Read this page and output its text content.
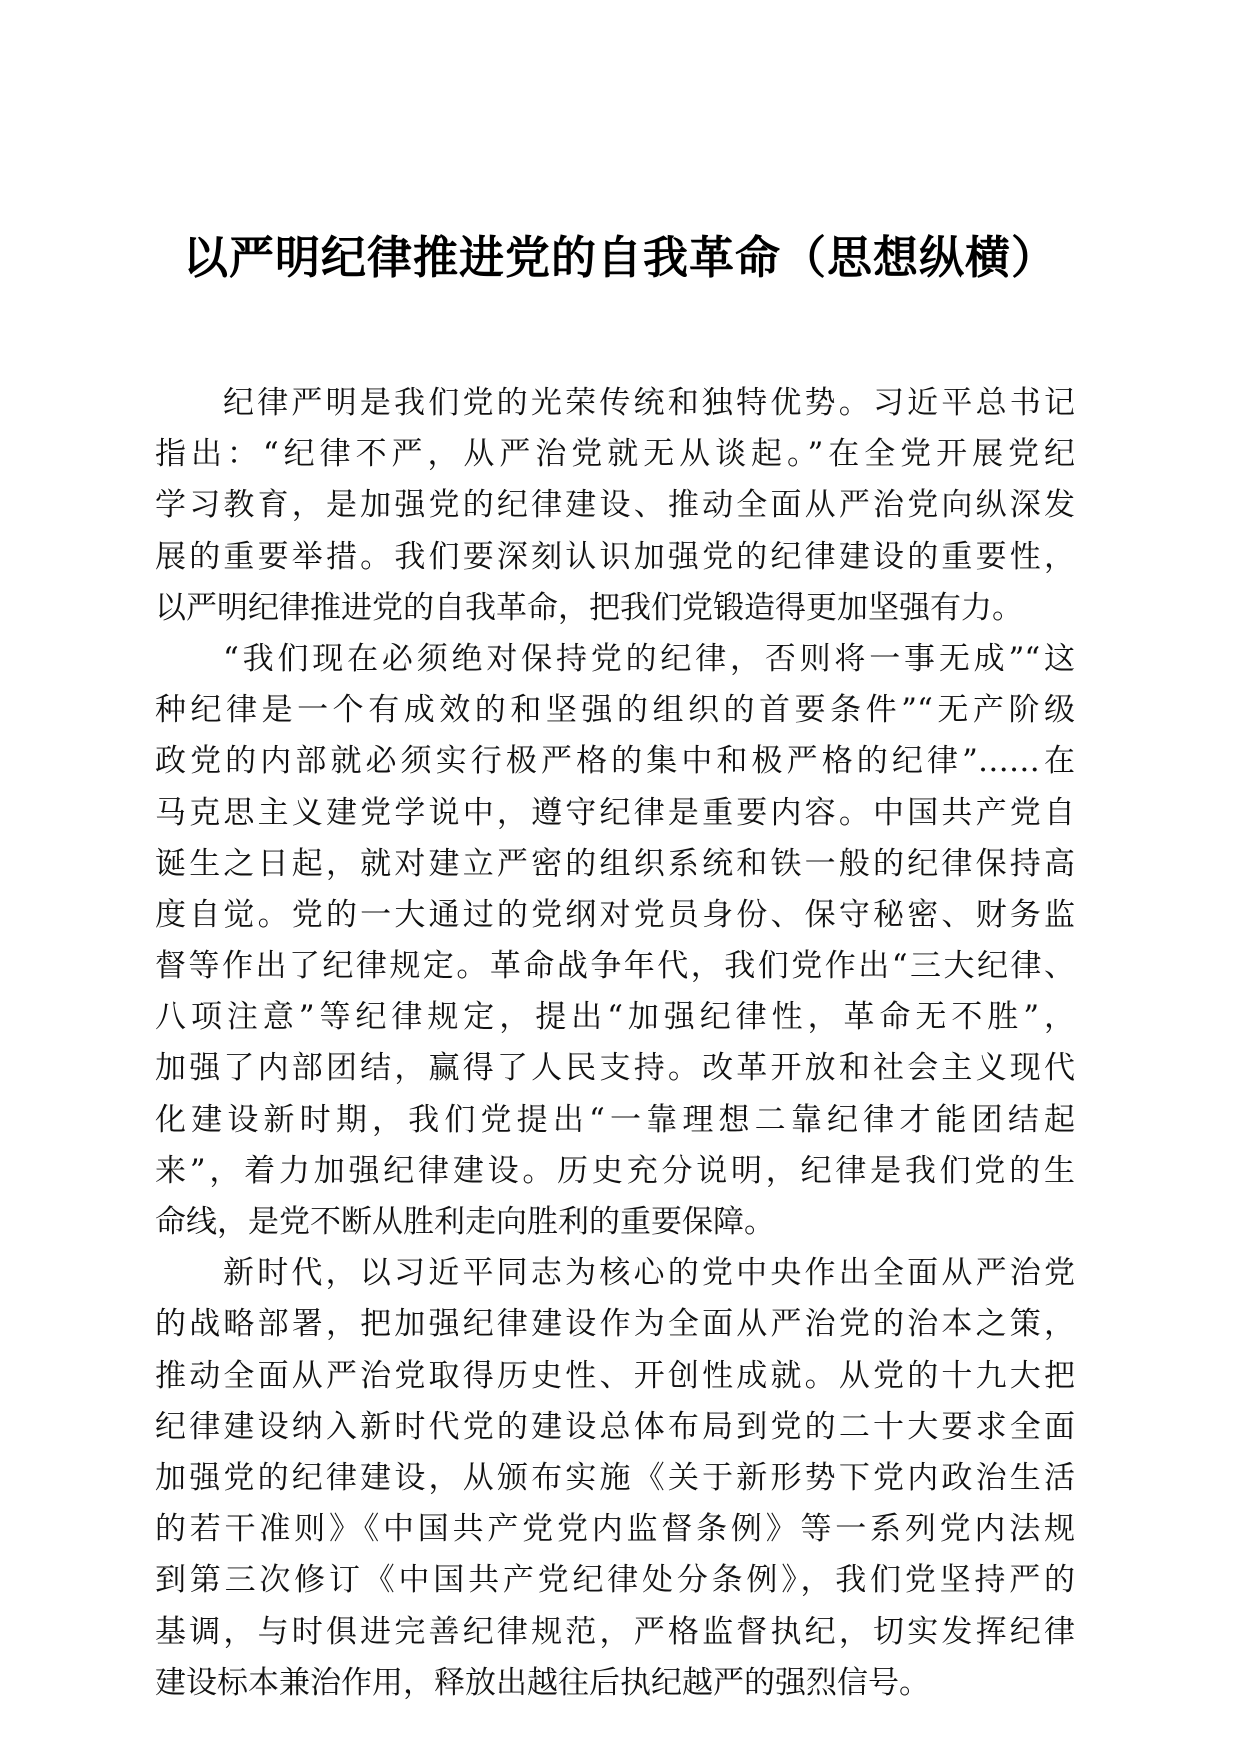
以严明纪律推进党的自我革命（思想纵横）
纪律严明是我们党的光荣传统和独特优势。习近平总书记
指出：“纪律不严，从严治党就无从谈起。”在全党开展党纪
学习教育，是加强党的纪律建设、推动全面从严治党向纵深发
展的重要举措。我们要深刻认识加强党的纪律建设的重要性，
以严明纪律推进党的自我革命，把我们党锻造得更加坚强有力。
“我们现在必须绝对保持党的纪律，否则将一事无成”“这
种纪律是一个有成效的和坚强的组织的首要条件”“无产阶级
政党的内部就必须实行极严格的集中和极严格的纪律”……在
马克思主义建党学说中，遵守纪律是重要内容。中国共产党自
诞生之日起，就对建立严密的组织系统和铁一般的纪律保持高
度自觉。党的一大通过的党纲对党员身份、保守秘密、财务监
督等作出了纪律规定。革命战争年代，我们党作出“三大纪律、
八项注意”等纪律规定，提出“加强纪律性，革命无不胜”，
加强了内部团结，赢得了人民支持。改革开放和社会主义现代
化建设新时期，我们党提出“一靠理想二靠纪律才能团结起
来”，着力加强纪律建设。历史充分说明，纪律是我们党的生
命线，是党不断从胜利走向胜利的重要保障。
新时代，以习近平同志为核心的党中央作出全面从严治党
的战略部署，把加强纪律建设作为全面从严治党的治本之策，
推动全面从严治党取得历史性、开创性成就。从党的十九大把
纪律建设纳入新时代党的建设总体布局到党的二十大要求全面
加强党的纪律建设，从颁布实施《关于新形势下党内政治生活
的若干准则》《中国共产党党内监督条例》等一系列党内法规
到第三次修订《中国共产党纪律处分条例》，我们党坚持严的
基调，与时俱进完善纪律规范，严格监督执纪，切实发挥纪律
建设标本兼治作用，释放出越往后执纪越严的强烈信号。
